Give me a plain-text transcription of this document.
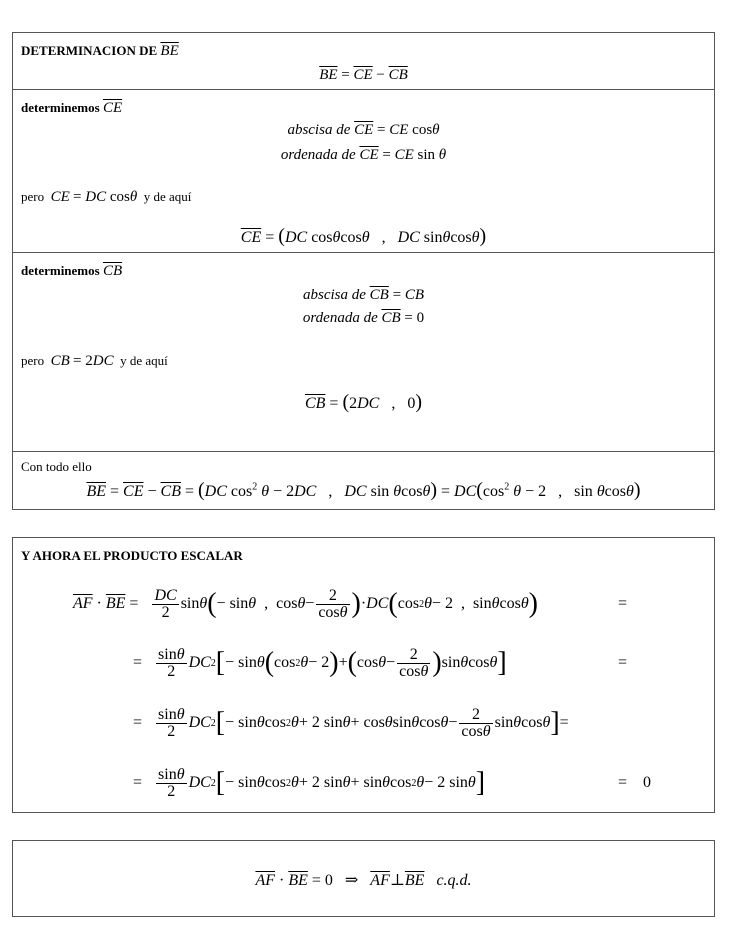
DETERMINACION DE $\overline{BE}$
$\overline{BE} = \overline{CE} - \overline{CB}$
determinemos $\overline{CE}$
abscisa de $\overline{CE}$ = CE cosθ
ordenada de $\overline{CE}$ = CE sin θ
pero CE = DC cosθ y de aquí
$\overline{CE} = (DC$ cosθcosθ   ,   DC sinθcosθ)
determinemos $\overline{CB}$
abscisa de $\overline{CB}$ = CB
ordenada de $\overline{CB} = 0$
pero CB = 2DC y de aquí
$\overline{CB} = (2DC$   ,   0)
Con todo ello
$\overline{BE} = \overline{CE} - \overline{CB} = (DC$ $\cos^2 \theta - 2DC$   ,   DC $\sin \theta\cos\theta) = DC(\cos^2$ θ − 2   ,   sin θcosθ)
Y AHORA EL PRODUCTO ESCALAR
$\overline{AF} \cdot \overline{BE} = \frac{DC}{2}$ sin θ ( − sin θ ,  $\cos \theta - \frac{2}{\cos\theta}$ ) · DC ( cos 2 θ − 2  ,  sin θ cos θ )	=
= $\frac{\sin\theta}{2}$ DC 2 [ − sin θ ( cos 2 θ − 2 ) + ( $\cos \theta - \frac{2}{\cos\theta}$ ) sin θ cos θ ]	=
= $\frac{\sin\theta}{2}$ DC 2 [ − sin θ cos 2 θ + 2 sin θ + cos θ sin θ $\cos \theta - \frac{2}{\cos\theta}$ sin θ cos θ ] =
= $\frac{\sin\theta}{2}$ DC 2 [ − sin θ cos 2 θ + 2 sin θ + sin θ cos 2 θ − 2 sin θ ]	=    0
$\overline{AF} \cdot \overline{BE} = 0$   ⇒   $\overline{AF}\perp\overline{BE}$ c.q.d.
